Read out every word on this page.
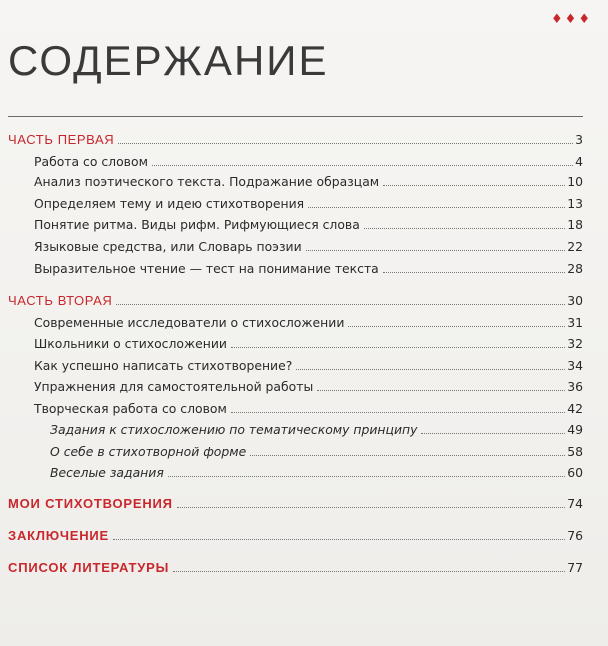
♦♦♦
СОДЕРЖАНИЕ
ЧАСТЬ ПЕРВАЯ	3
Работа со словом	4
Анализ поэтического текста. Подражание образцам	10
Определяем тему и идею стихотворения	13
Понятие ритма. Виды рифм. Рифмующиеся слова	18
Языковые средства, или Словарь поэзии	22
Выразительное чтение — тест на понимание текста	28
ЧАСТЬ ВТОРАЯ	30
Современные исследователи о стихосложении	31
Школьники о стихосложении	32
Как успешно написать стихотворение?	34
Упражнения для самостоятельной работы	36
Творческая работа со словом	42
Задания к стихосложению по тематическому принципу	49
О себе в стихотворной форме	58
Веселые задания	60
МОИ СТИХОТВОРЕНИЯ	74
ЗАКЛЮЧЕНИЕ	76
СПИСОК ЛИТЕРАТУРЫ	77
